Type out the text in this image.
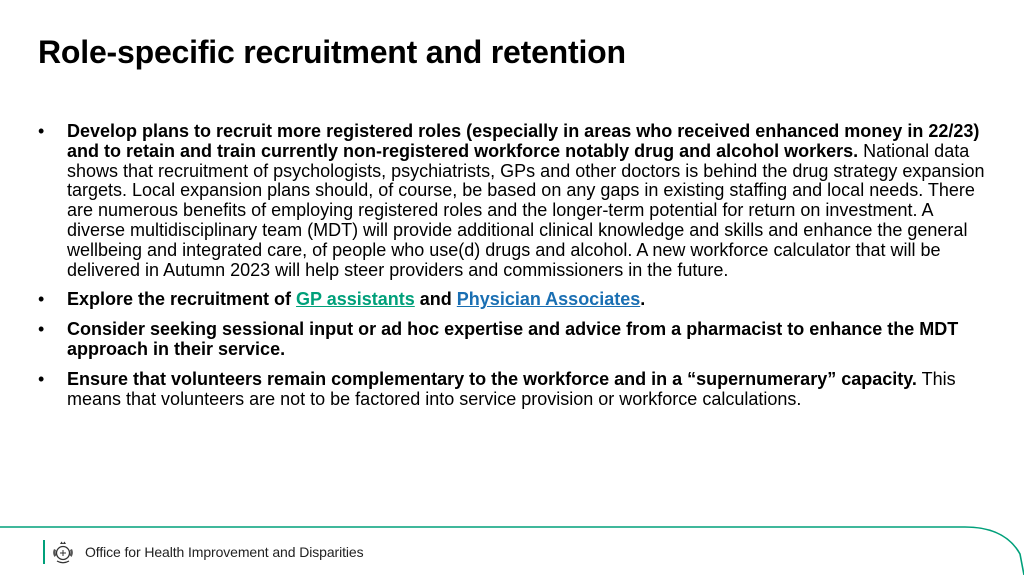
Role-specific recruitment and retention
• Develop plans to recruit more registered roles (especially in areas who received enhanced money in 22/23) and to retain and train currently non-registered workforce notably drug and alcohol workers. National data shows that recruitment of psychologists, psychiatrists, GPs and other doctors is behind the drug strategy expansion targets. Local expansion plans should, of course, be based on any gaps in existing staffing and local needs. There are numerous benefits of employing registered roles and the longer-term potential for return on investment. A diverse multidisciplinary team (MDT) will provide additional clinical knowledge and skills and enhance the general wellbeing and integrated care, of people who use(d) drugs and alcohol. A new workforce calculator that will be delivered in Autumn 2023 will help steer providers and commissioners in the future.
• Explore the recruitment of GP assistants and Physician Associates.
• Consider seeking sessional input or ad hoc expertise and advice from a pharmacist to enhance the MDT approach in their service.
• Ensure that volunteers remain complementary to the workforce and in a “supernumerary” capacity. This means that volunteers are not to be factored into service provision or workforce calculations.
Office for Health Improvement and Disparities
